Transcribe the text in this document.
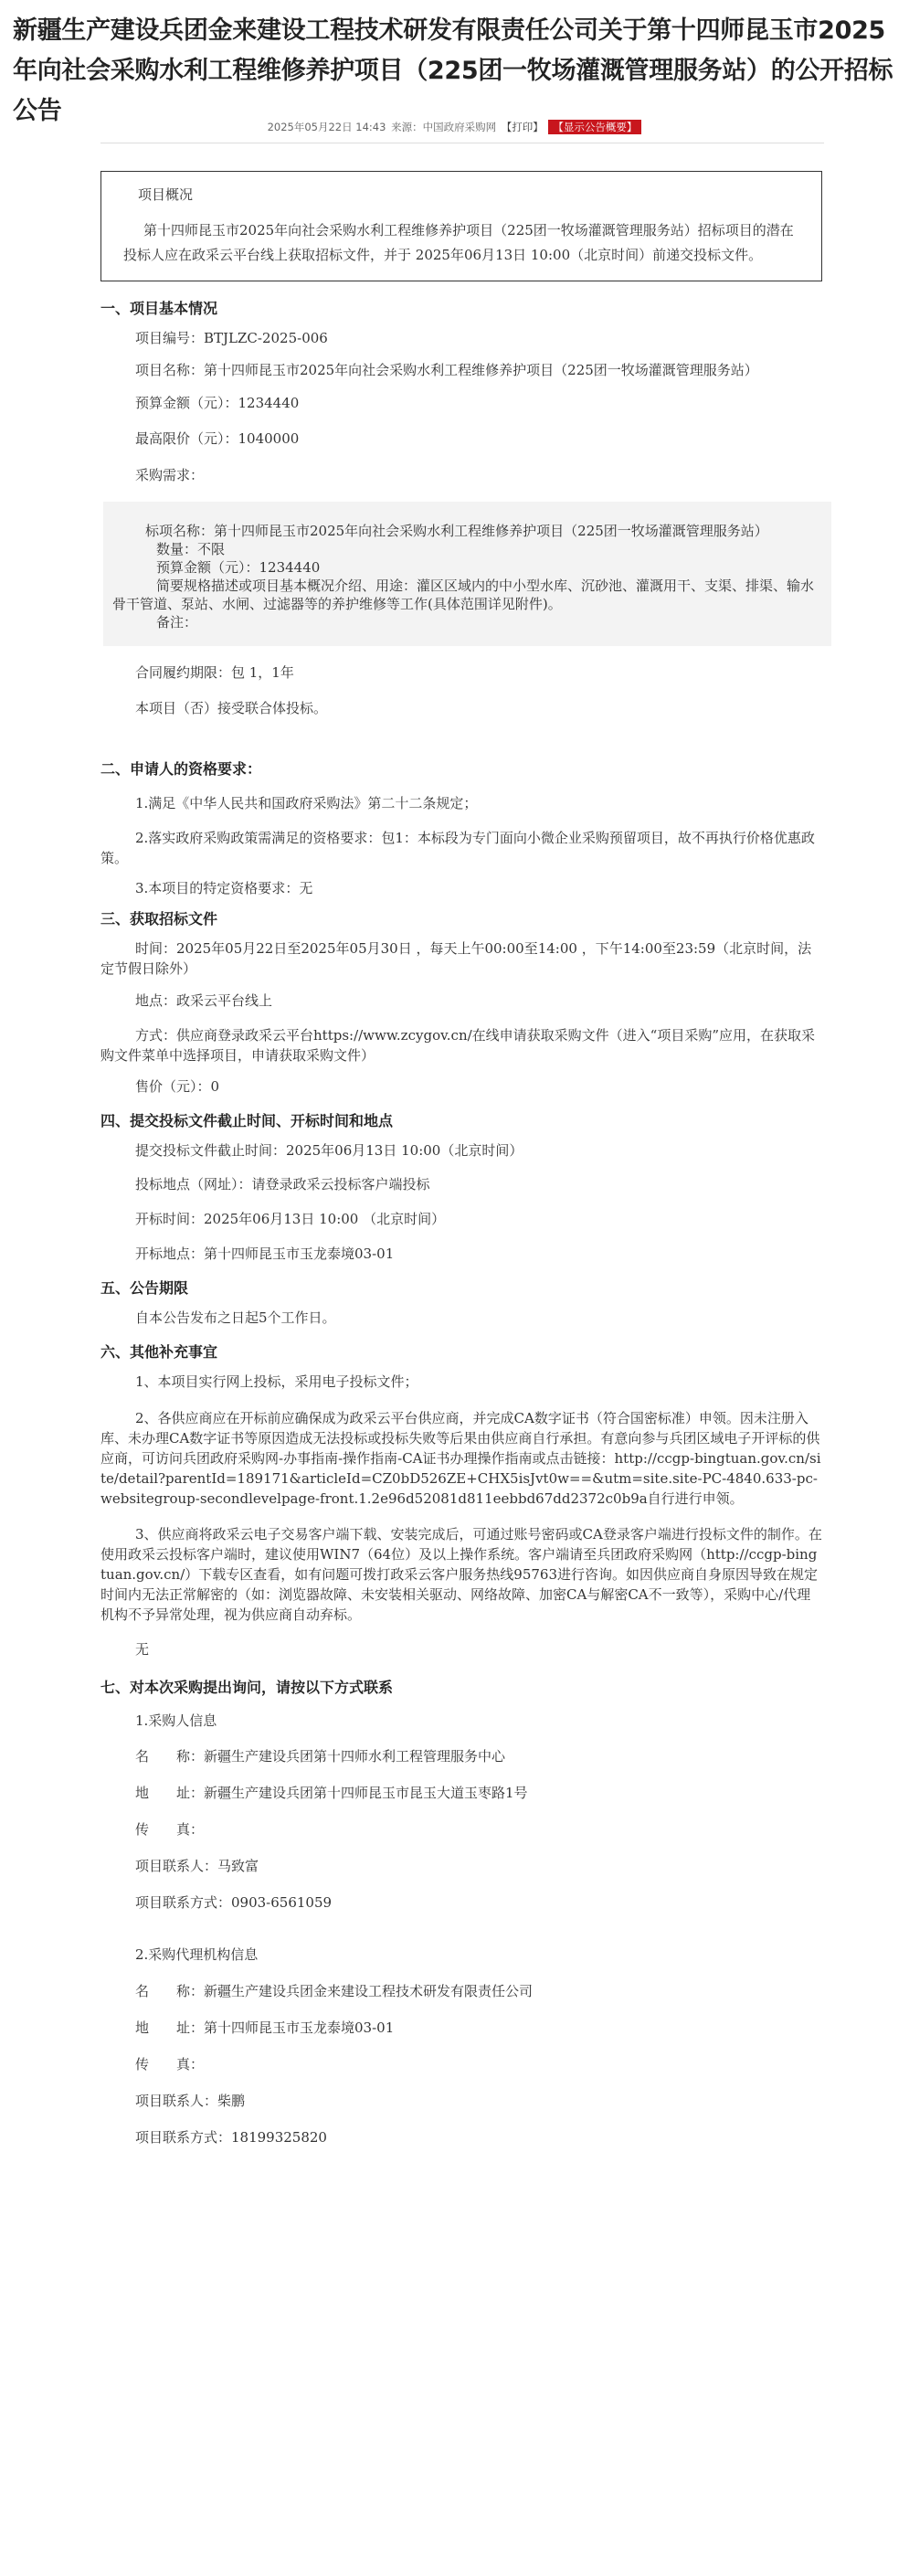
新疆生产建设兵团金来建设工程技术研发有限责任公司关于第十四师昆玉市2025年向社会采购水利工程维修养护项目（225团一牧场灌溉管理服务站）的公开招标公告
2025年05月22日 14:43 来源：中国政府采购网 【打印】 【显示公告概要】

项目概况

第十四师昆玉市2025年向社会采购水利工程维修养护项目（225团一牧场灌溉管理服务站）招标项目的潜在投标人应在政采云平台线上获取招标文件，并于 2025年06月13日 10:00（北京时间）前递交投标文件。

一、项目基本情况

项目编号：BTJLZC-2025-006

项目名称：第十四师昆玉市2025年向社会采购水利工程维修养护项目（225团一牧场灌溉管理服务站）

预算金额（元）：1234440

最高限价（元）：1040000

采购需求：

标项名称：第十四师昆玉市2025年向社会采购水利工程维修养护项目（225团一牧场灌溉管理服务站）

数量：不限

预算金额（元）：1234440

简要规格描述或项目基本概况介绍、用途：灌区区域内的中小型水库、沉砂池、灌溉用干、支渠、排渠、输水骨干管道、泵站、水闸、过滤器等的养护维修等工作(具体范围详见附件)。

备注：

合同履约期限：包 1，1年

本项目（否）接受联合体投标。

二、申请人的资格要求：

1.满足《中华人民共和国政府采购法》第二十二条规定；

2.落实政府采购政策需满足的资格要求：包1：本标段为专门面向小微企业采购预留项目，故不再执行价格优惠政策。

3.本项目的特定资格要求：无

三、获取招标文件

时间：2025年05月22日至2025年05月30日 ，每天上午00:00至14:00 ，下午14:00至23:59（北京时间，法定节假日除外）

地点：政采云平台线上

方式：供应商登录政采云平台https://www.zcygov.cn/在线申请获取采购文件（进入“项目采购”应用，在获取采购文件菜单中选择项目，申请获取采购文件）

售价（元）：0

四、提交投标文件截止时间、开标时间和地点

提交投标文件截止时间：2025年06月13日 10:00（北京时间）

投标地点（网址）：请登录政采云投标客户端投标

开标时间：2025年06月13日 10:00 （北京时间）

开标地点：第十四师昆玉市玉龙泰境03-01

五、公告期限

自本公告发布之日起5个工作日。

六、其他补充事宜

1、本项目实行网上投标，采用电子投标文件；

2、各供应商应在开标前应确保成为政采云平台供应商，并完成CA数字证书（符合国密标准）申领。因未注册入库、未办理CA数字证书等原因造成无法投标或投标失败等后果由供应商自行承担。有意向参与兵团区域电子开评标的供应商，可访问兵团政府采购网-办事指南-操作指南-CA证书办理操作指南或点击链接：http://ccgp-bingtuan.gov.cn/site/detail?parentId=189171&articleId=CZ0bD526ZE+CHX5isJvt0w==&utm=site.site-PC-4840.633-pc-websitegroup-secondlevelpage-front.1.2e96d52081d811eebbd67dd2372c0b9a自行进行申领。

3、供应商将政采云电子交易客户端下载、安装完成后，可通过账号密码或CA登录客户端进行投标文件的制作。在使用政采云投标客户端时，建议使用WIN7（64位）及以上操作系统。客户端请至兵团政府采购网（http://ccgp-bingtuan.gov.cn/）下载专区查看，如有问题可拨打政采云客户服务热线95763进行咨询。如因供应商自身原因导致在规定时间内无法正常解密的（如：浏览器故障、未安装相关驱动、网络故障、加密CA与解密CA不一致等），采购中心/代理机构不予异常处理，视为供应商自动弃标。

无

七、对本次采购提出询问，请按以下方式联系

1.采购人信息

名　　称：新疆生产建设兵团第十四师水利工程管理服务中心

地　　址：新疆生产建设兵团第十四师昆玉市昆玉大道玉枣路1号

传　　真：

项目联系人：马致富

项目联系方式：0903-6561059

2.采购代理机构信息

名　　称：新疆生产建设兵团金来建设工程技术研发有限责任公司

地　　址：第十四师昆玉市玉龙泰境03-01

传　　真：

项目联系人：柴鹏

项目联系方式：18199325820
